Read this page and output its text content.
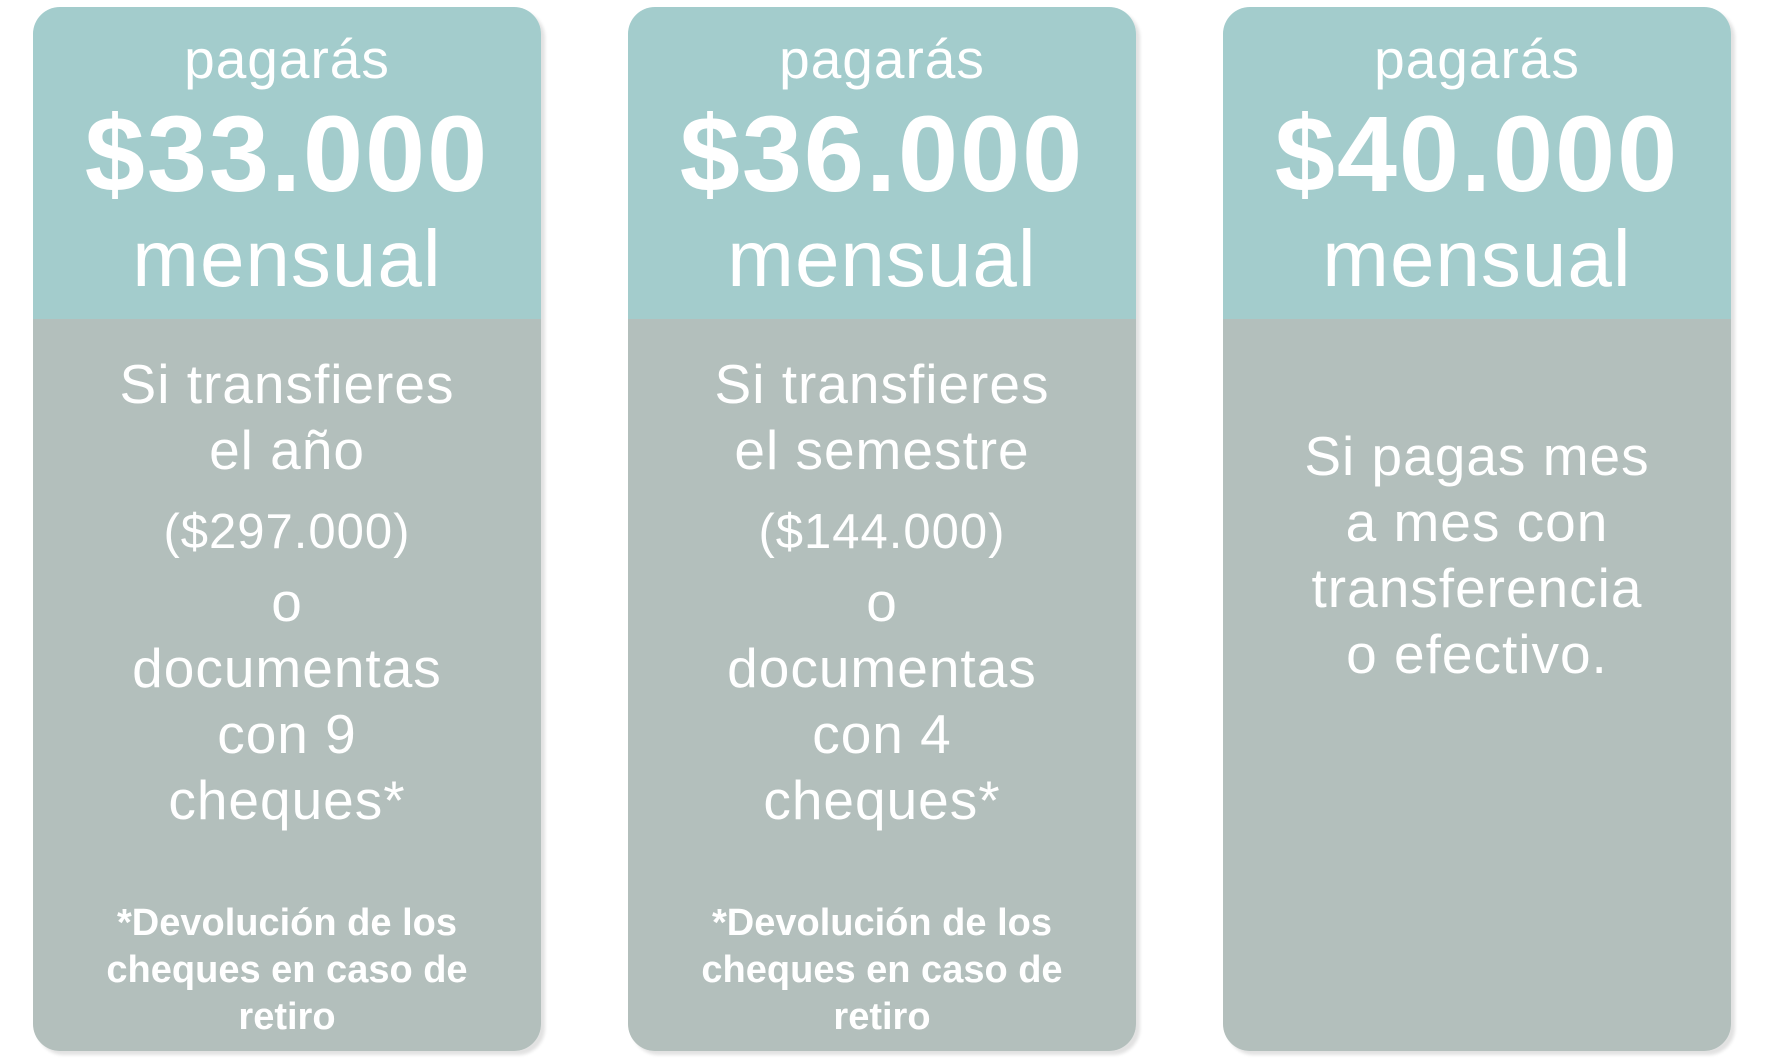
pagarás
$33.000
mensual
Si transfieres
el año
($297.000)
o
documentas
con 9
cheques*
*Devolución de los
cheques en caso de
retiro
pagarás
$36.000
mensual
Si transfieres
el semestre
($144.000)
o
documentas
con 4
cheques*
*Devolución de los
cheques en caso de
retiro
pagarás
$40.000
mensual
Si pagas mes
a mes con
transferencia
o efectivo.
